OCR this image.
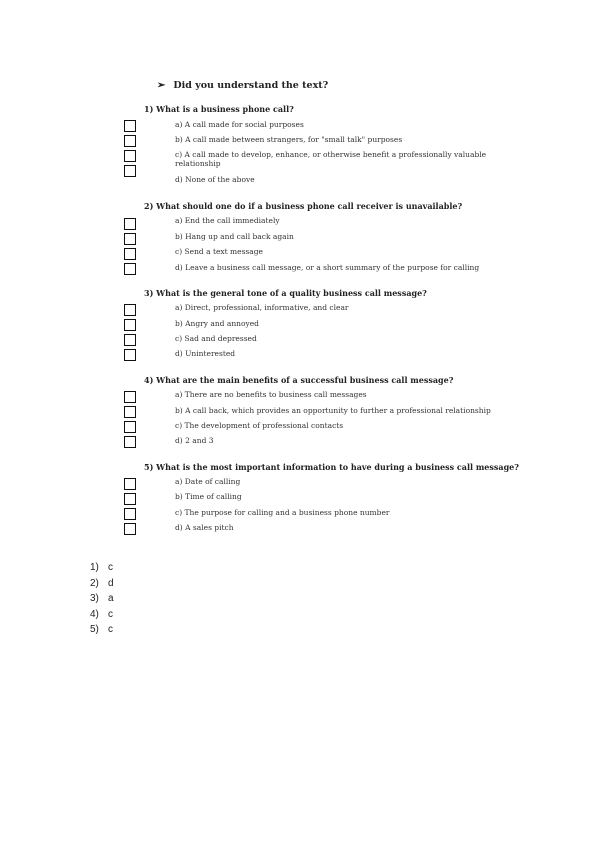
➢ Did you understand the text?
1) What is a business phone call?
a) A call made for social purposes
b) A call made between strangers, for "small talk" purposes
c) A call made to develop, enhance, or otherwise benefit a professionally valuable relationship
d) None of the above
2) What should one do if a business phone call receiver is unavailable?
a) End the call immediately
b) Hang up and call back again
c) Send a text message
d) Leave a business call message, or a short summary of the purpose for calling
3) What is the general tone of a quality business call message?
a) Direct, professional, informative, and clear
b) Angry and annoyed
c) Sad and depressed
d) Uninterested
4) What are the main benefits of a successful business call message?
a) There are no benefits to business call messages
b) A call back, which provides an opportunity to further a professional relationship
c) The development of professional contacts
d) 2 and 3
5) What is the most important information to have during a business call message?
a) Date of calling
b) Time of calling
c) The purpose for calling and a business phone number
d) A sales pitch
1) c
2) d
3) a
4) c
5) c
